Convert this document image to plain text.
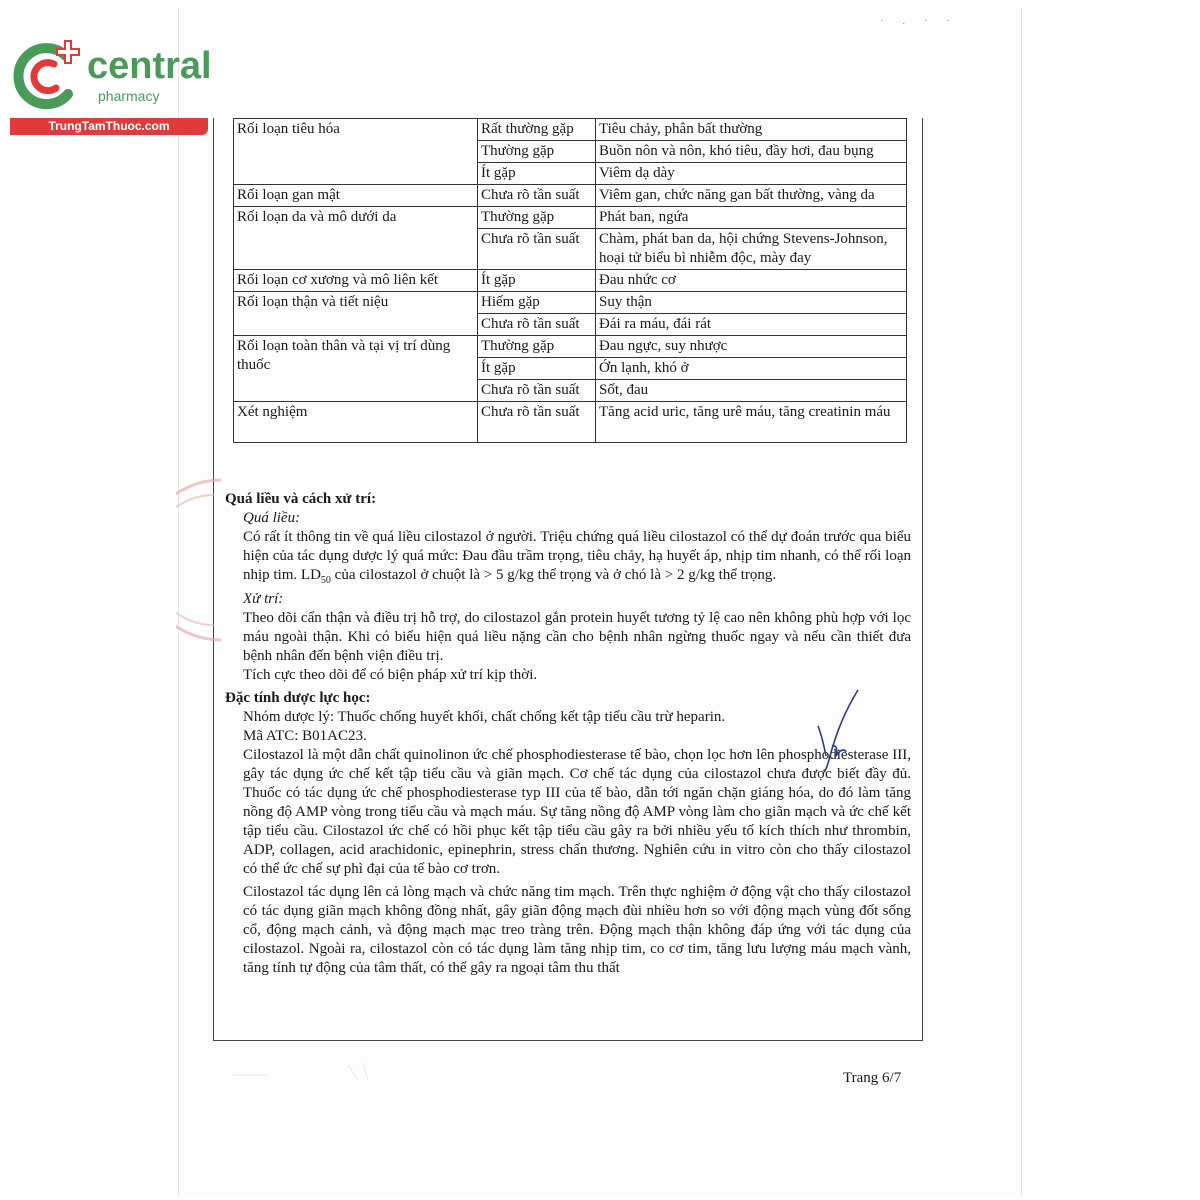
central
pharmacy
TrungTamThuoc.com
· . · ·
Rối loạn tiêu hóa	Rất thường gặp	Tiêu chảy, phân bất thường
	Thường gặp	Buồn nôn và nôn, khó tiêu, đầy hơi, đau bụng
	Ít gặp	Viêm dạ dày
Rối loạn gan mật	Chưa rõ tần suất	Viêm gan, chức năng gan bất thường, vàng da
Rối loạn da và mô dưới da	Thường gặp	Phát ban, ngứa
	Chưa rõ tần suất	Chàm, phát ban da, hội chứng Stevens-Johnson, hoại tử biểu bì nhiễm độc, mày đay
Rối loạn cơ xương và mô liên kết	Ít gặp	Đau nhức cơ
Rối loạn thận và tiết niệu	Hiếm gặp	Suy thận
	Chưa rõ tần suất	Đái ra máu, đái rát
Rối loạn toàn thân và tại vị trí dùng thuốc	Thường gặp	Đau ngực, suy nhược
	Ít gặp	Ớn lạnh, khó ở
	Chưa rõ tần suất	Sốt, đau
Xét nghiệm	Chưa rõ tần suất	Tăng acid uric, tăng urê máu, tăng creatinin máu

Quá liều và cách xử trí:

Quá liều:

Có rất ít thông tin về quá liều cilostazol ở người. Triệu chứng quá liều cilostazol có thể dự đoán trước qua biểu hiện của tác dụng dược lý quá mức: Đau đầu trầm trọng, tiêu chảy, hạ huyết áp, nhịp tim nhanh, có thể rối loạn nhịp tim. $LD_{50}$ của cilostazol ở chuột là > 5 g/kg thể trọng và ở chó là > 2 g/kg thể trọng.

Xử trí:

Theo dõi cẩn thận và điều trị hỗ trợ, do cilostazol gắn protein huyết tương tỷ lệ cao nên không phù hợp với lọc máu ngoài thận. Khi có biểu hiện quá liều nặng cần cho bệnh nhân ngừng thuốc ngay và nếu cần thiết đưa bệnh nhân đến bệnh viện điều trị.

Tích cực theo dõi để có biện pháp xử trí kịp thời.

Đặc tính dược lực học:

Nhóm dược lý: Thuốc chống huyết khối, chất chống kết tập tiểu cầu trừ heparin.

Mã ATC: B01AC23.

Cilostazol là một dẫn chất quinolinon ức chế phosphodiesterase tế bào, chọn lọc hơn lên phosphodiesterase III, gây tác dụng ức chế kết tập tiểu cầu và giãn mạch. Cơ chế tác dụng của cilostazol chưa được biết đầy đủ. Thuốc có tác dụng ức chế phosphodiesterase typ III của tế bào, dẫn tới ngăn chặn giáng hóa, do đó làm tăng nồng độ AMP vòng trong tiểu cầu và mạch máu. Sự tăng nồng độ AMP vòng làm cho giãn mạch và ức chế kết tập tiểu cầu. Cilostazol ức chế có hồi phục kết tập tiểu cầu gây ra bởi nhiều yếu tố kích thích như thrombin, ADP, collagen, acid arachidonic, epinephrin, stress chấn thương. Nghiên cứu in vitro còn cho thấy cilostazol có thể ức chế sự phì đại của tế bào cơ trơn.

Cilostazol tác dụng lên cả lòng mạch và chức năng tim mạch. Trên thực nghiệm ở động vật cho thấy cilostazol có tác dụng giãn mạch không đồng nhất, gây giãn động mạch đùi nhiều hơn so với động mạch vùng đốt sống cổ, động mạch cảnh, và động mạch mạc treo tràng trên. Động mạch thận không đáp ứng với tác dụng của cilostazol. Ngoài ra, cilostazol còn có tác dụng làm tăng nhịp tim, co cơ tim, tăng lưu lượng máu mạch vành, tăng tính tự động của tâm thất, có thể gây ra ngoại tâm thu thất

Trang 6/7
